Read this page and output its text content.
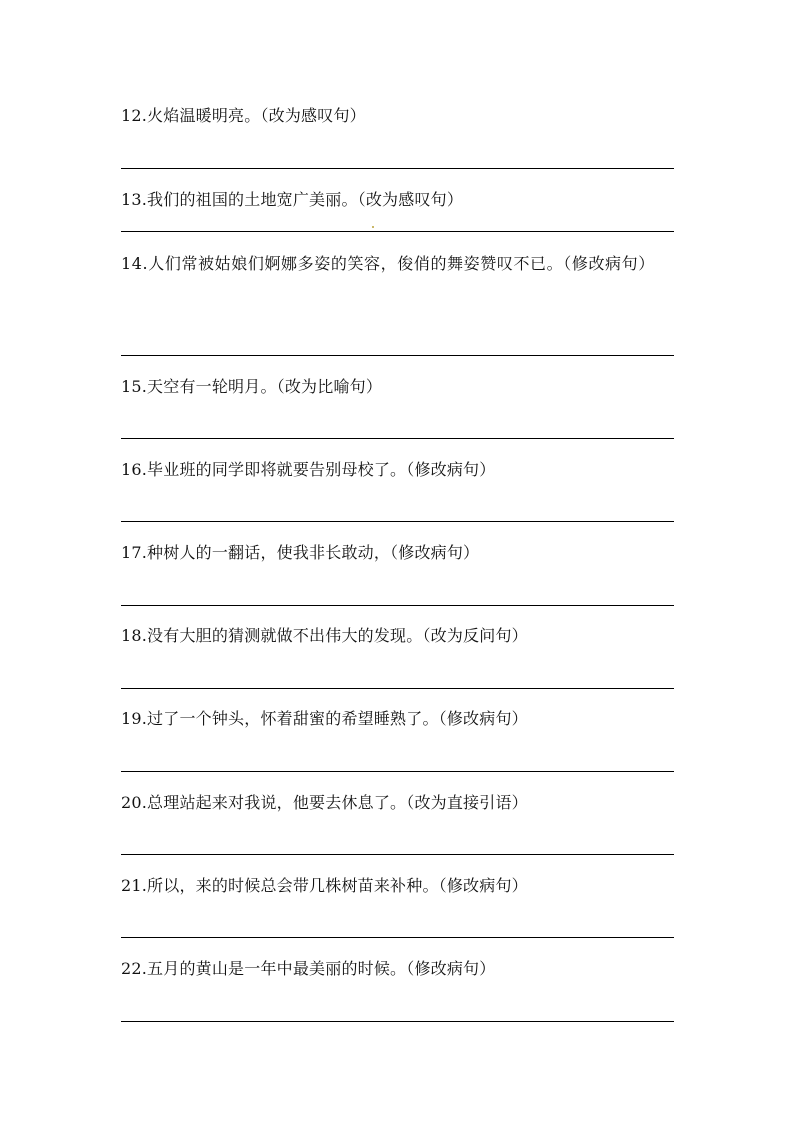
12.火焰温暖明亮。（改为感叹句）
13.我们的祖国的土地宽广美丽。（改为感叹句）
14.人们常被姑娘们婀娜多姿的笑容，俊俏的舞姿赞叹不已。（修改病句）
15.天空有一轮明月。（改为比喻句）
16.毕业班的同学即将就要告别母校了。（修改病句）
17.种树人的一翻话，使我非长敢动，（修改病句）
18.没有大胆的猜测就做不出伟大的发现。（改为反问句）
19.过了一个钟头，怀着甜蜜的希望睡熟了。（修改病句）
20.总理站起来对我说，他要去休息了。（改为直接引语）
21.所以，来的时候总会带几株树苗来补种。（修改病句）
22.五月的黄山是一年中最美丽的时候。（修改病句）
